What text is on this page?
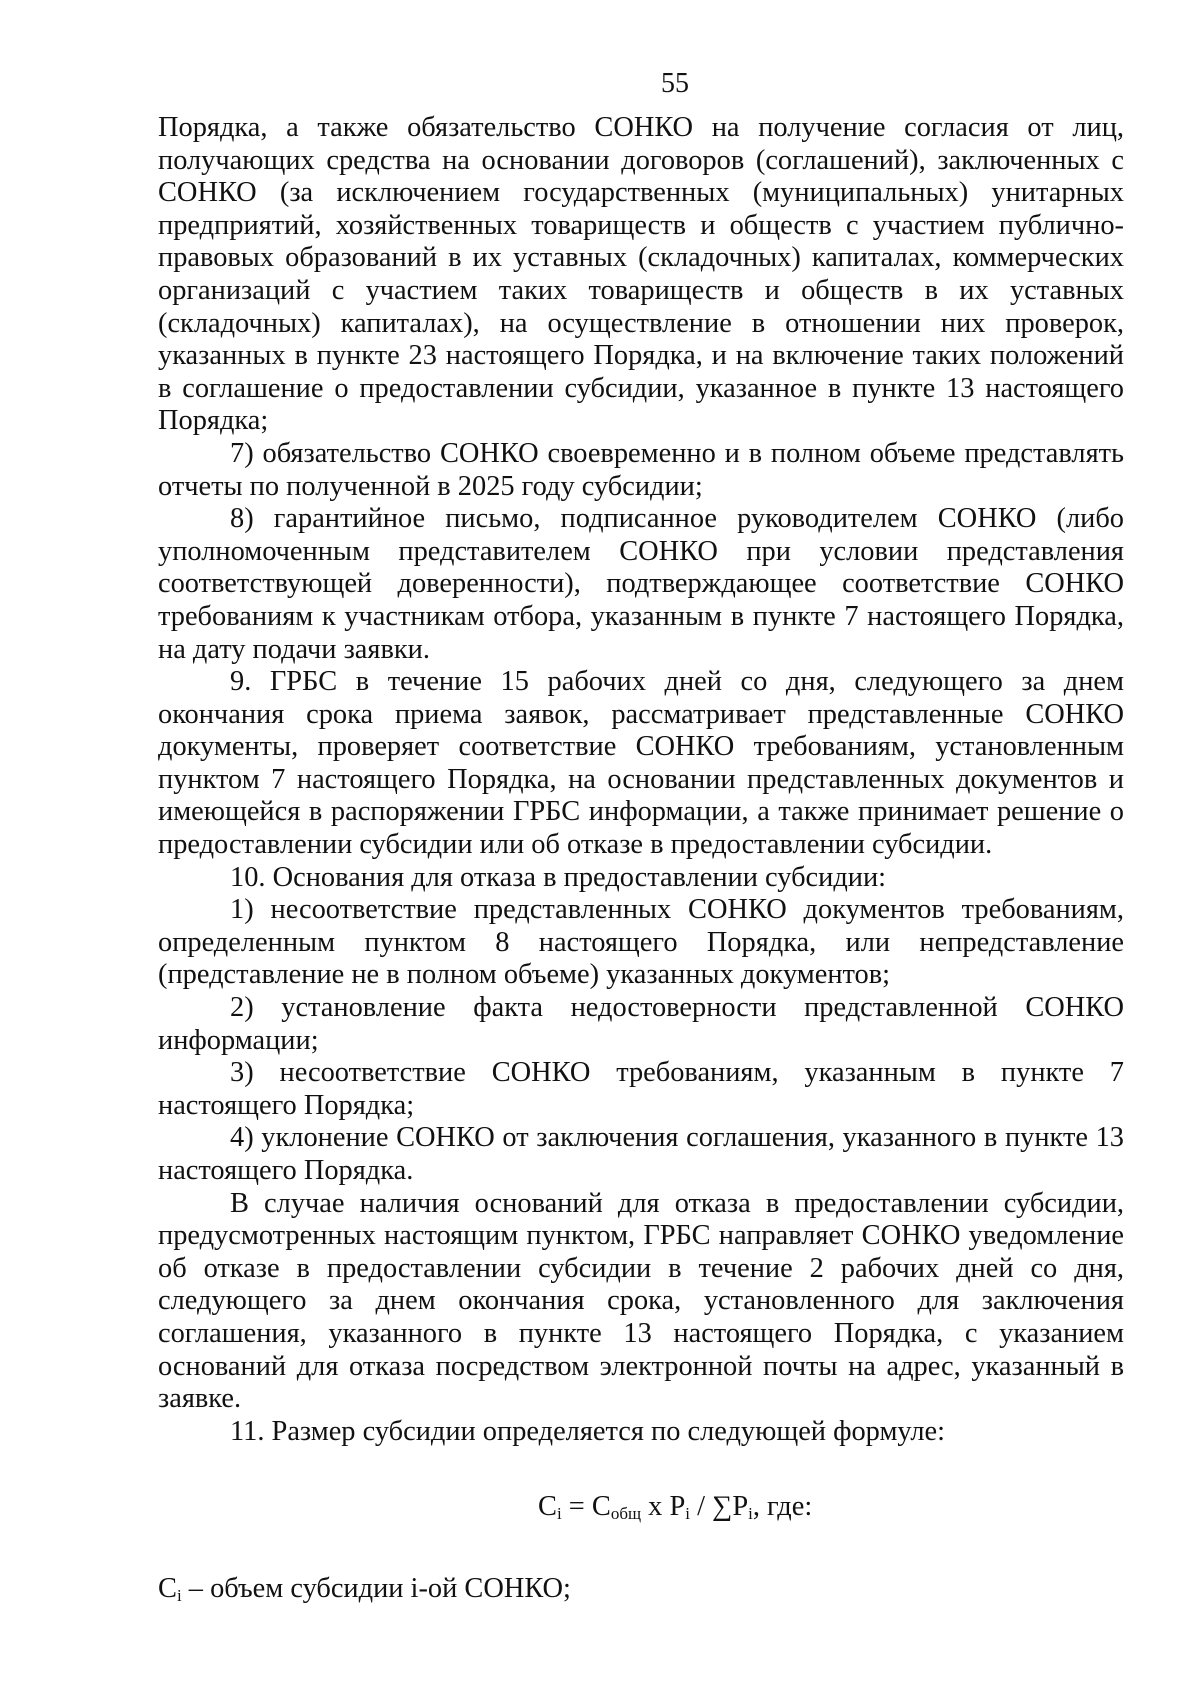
55

Порядка, а также обязательство СОНКО на получение согласия от лиц, получающих средства на основании договоров (соглашений), заключенных с СОНКО (за исключением государственных (муниципальных) унитарных предприятий, хозяйственных товариществ и обществ с участием публично-правовых образований в их уставных (складочных) капиталах, коммерческих организаций с участием таких товариществ и обществ в их уставных (складочных) капиталах), на осуществление в отношении них проверок, указанных в пункте 23 настоящего Порядка, и на включение таких положений в соглашение о предоставлении субсидии, указанное в пункте 13 настоящего Порядка;

7) обязательство СОНКО своевременно и в полном объеме представлять отчеты по полученной в 2025 году субсидии;

8) гарантийное письмо, подписанное руководителем СОНКО (либо уполномоченным представителем СОНКО при условии представления соответствующей доверенности), подтверждающее соответствие СОНКО требованиям к участникам отбора, указанным в пункте 7 настоящего Порядка, на дату подачи заявки.

9. ГРБС в течение 15 рабочих дней со дня, следующего за днем окончания срока приема заявок, рассматривает представленные СОНКО документы, проверяет соответствие СОНКО требованиям, установленным пунктом 7 настоящего Порядка, на основании представленных документов и имеющейся в распоряжении ГРБС информации, а также принимает решение о предоставлении субсидии или об отказе в предоставлении субсидии.

10. Основания для отказа в предоставлении субсидии:

1) несоответствие представленных СОНКО документов требованиям, определенным пунктом 8 настоящего Порядка, или непредставление (представление не в полном объеме) указанных документов;

2) установление факта недостоверности представленной СОНКО информации;

3) несоответствие СОНКО требованиям, указанным в пункте 7 настоящего Порядка;

4) уклонение СОНКО от заключения соглашения, указанного в пункте 13 настоящего Порядка.

В случае наличия оснований для отказа в предоставлении субсидии, предусмотренных настоящим пунктом, ГРБС направляет СОНКО уведомление об отказе в предоставлении субсидии в течение 2 рабочих дней со дня, следующего за днем окончания срока, установленного для заключения соглашения, указанного в пункте 13 настоящего Порядка, с указанием оснований для отказа посредством электронной почты на адрес, указанный в заявке.

11. Размер субсидии определяется по следующей формуле:

$C_i = C_{общ}$ x $P_i / \sum P_i$, где:

$C_i$ – объем субсидии i-ой СОНКО;
